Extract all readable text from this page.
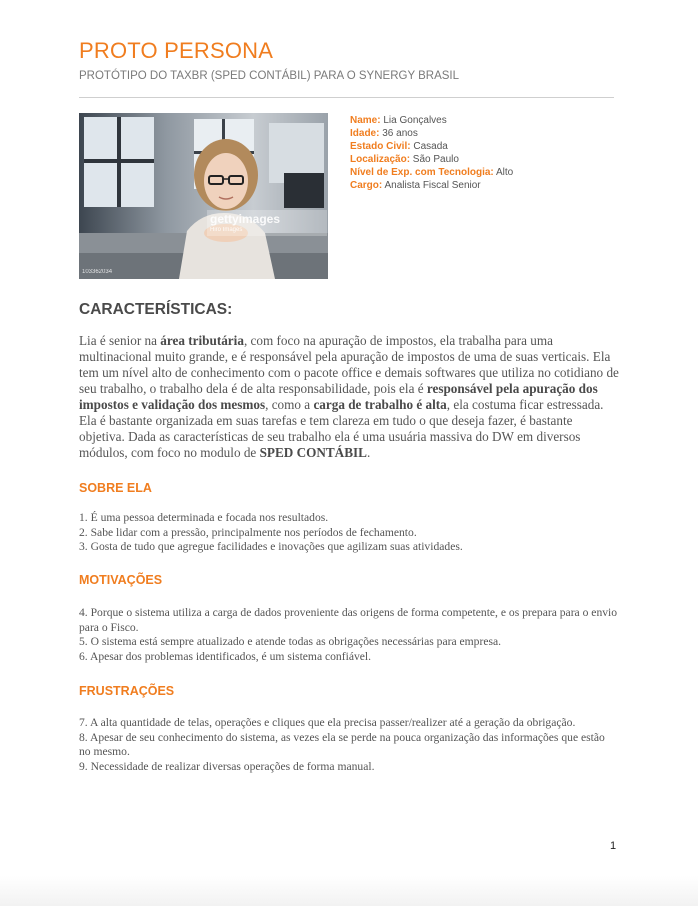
PROTO PERSONA
PROTÓTIPO DO TAXBR (SPED CONTÁBIL) PARA O SYNERGY BRASIL
gettyimages
Hiro Images
103362034
Name: Lia Gonçalves
Idade: 36 anos
Estado Civil: Casada
Localização: São Paulo
Nível de Exp. com Tecnologia: Alto
Cargo: Analista Fiscal Senior
CARACTERÍSTICAS:
Lia é senior na área tributária, com foco na apuração de impostos, ela trabalha para uma multinacional muito grande, e é responsável pela apuração de impostos de uma de suas verticais. Ela tem um nível alto de conhecimento com o pacote office e demais softwares que utiliza no cotidiano de seu trabalho, o trabalho dela é de alta responsabilidade, pois ela é responsável pela apuração dos impostos e validação dos mesmos, como a carga de trabalho é alta, ela costuma ficar estressada. Ela é bastante organizada em suas tarefas e tem clareza em tudo o que deseja fazer, é bastante objetiva. Dada as características de seu trabalho ela é uma usuária massiva do DW em diversos módulos, com foco no modulo de SPED CONTÁBIL.
SOBRE ELA

1. É uma pessoa determinada e focada nos resultados.

2. Sabe lidar com a pressão, principalmente nos períodos de fechamento.

3. Gosta de tudo que agregue facilidades e inovações que agilizam suas atividades.

MOTIVAÇÕES

4. Porque o sistema utiliza a carga de dados proveniente das origens de forma competente, e os prepara para o envio para o Fisco.

5. O sistema está sempre atualizado e atende todas as obrigações necessárias para empresa.

6. Apesar dos problemas identificados, é um sistema confiável.

FRUSTRAÇÕES

7. A alta quantidade de telas, operações e cliques que ela precisa passer/realizer até a geração da obrigação.

8. Apesar de seu conhecimento do sistema, as vezes ela se perde na pouca organização das informações que estão no mesmo.

9. Necessidade de realizar diversas operações de forma manual.

1
